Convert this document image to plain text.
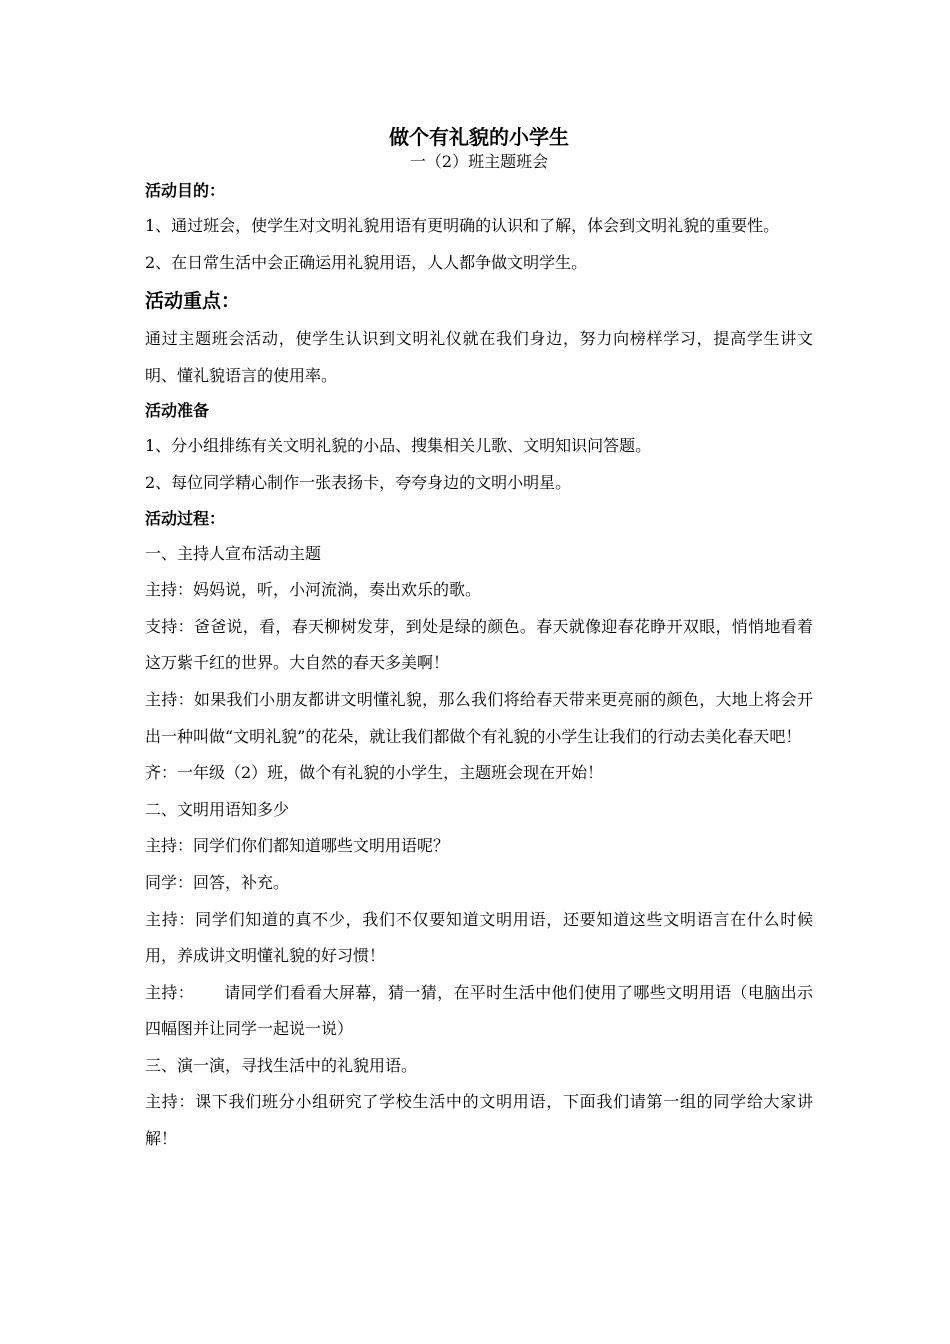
做个有礼貌的小学生
一（2）班主题班会
活动目的：

1、通过班会，使学生对文明礼貌用语有更明确的认识和了解，体会到文明礼貌的重要性。

2、在日常生活中会正确运用礼貌用语，人人都争做文明学生。

活动重点：

通过主题班会活动，使学生认识到文明礼仪就在我们身边，努力向榜样学习，提高学生讲文明、懂礼貌语言的使用率。

活动准备

1、分小组排练有关文明礼貌的小品、搜集相关儿歌、文明知识问答题。

2、每位同学精心制作一张表扬卡，夸夸身边的文明小明星。

活动过程：

一、主持人宣布活动主题

主持：妈妈说，听，小河流淌，奏出欢乐的歌。

支持：爸爸说，看，春天柳树发芽，到处是绿的颜色。春天就像迎春花睁开双眼，悄悄地看着这万紫千红的世界。大自然的春天多美啊！

主持：如果我们小朋友都讲文明懂礼貌，那么我们将给春天带来更亮丽的颜色，大地上将会开出一种叫做“文明礼貌”的花朵，就让我们都做个有礼貌的小学生让我们的行动去美化春天吧！

齐：一年级（2）班，做个有礼貌的小学生，主题班会现在开始！

二、文明用语知多少

主持：同学们你们都知道哪些文明用语呢？

同学：回答，补充。

主持：同学们知道的真不少，我们不仅要知道文明用语，还要知道这些文明语言在什么时候用，养成讲文明懂礼貌的好习惯！

主持： 请同学们看看大屏幕，猜一猜，在平时生活中他们使用了哪些文明用语（电脑出示四幅图并让同学一起说一说）

三、演一演，寻找生活中的礼貌用语。

主持：课下我们班分小组研究了学校生活中的文明用语，下面我们请第一组的同学给大家讲解！
